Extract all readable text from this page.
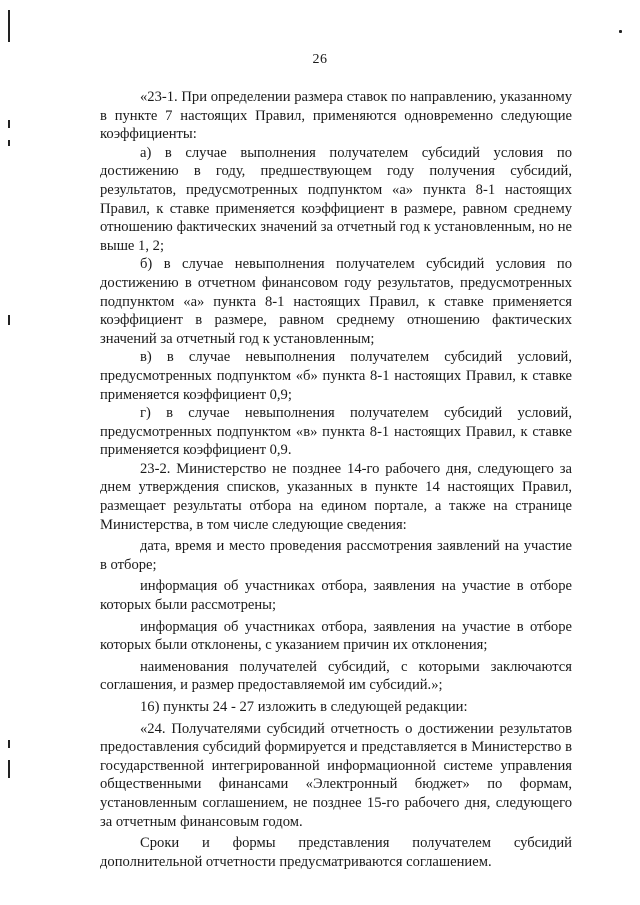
26

«23-1. При определении размера ставок по направлению, указанному в пункте 7 настоящих Правил, применяются одновременно следующие коэффициенты:

а) в случае выполнения получателем субсидий условия по достижению в году, предшествующем году получения субсидий, результатов, предусмотренных подпунктом «а» пункта 8-1 настоящих Правил, к ставке применяется коэффициент в размере, равном среднему отношению фактических значений за отчетный год к установленным, но не выше 1, 2;

б) в случае невыполнения получателем субсидий условия по достижению в отчетном финансовом году результатов, предусмотренных подпунктом «а» пункта 8-1 настоящих Правил, к ставке применяется коэффициент в размере, равном среднему отношению фактических значений за отчетный год к установленным;

в) в случае невыполнения получателем субсидий условий, предусмотренных подпунктом «б» пункта 8-1 настоящих Правил, к ставке применяется коэффициент 0,9;

г) в случае невыполнения получателем субсидий условий, предусмотренных подпунктом «в» пункта 8-1 настоящих Правил, к ставке применяется коэффициент 0,9.

23-2. Министерство не позднее 14-го рабочего дня, следующего за днем утверждения списков, указанных в пункте 14 настоящих Правил, размещает результаты отбора на едином портале, а также на странице Министерства, в том числе следующие сведения:

дата, время и место проведения рассмотрения заявлений на участие в отборе;

информация об участниках отбора, заявления на участие в отборе которых были рассмотрены;

информация об участниках отбора, заявления на участие в отборе которых были отклонены, с указанием причин их отклонения;

наименования получателей субсидий, с которыми заключаются соглашения, и размер предоставляемой им субсидий.»;

16) пункты 24 - 27 изложить в следующей редакции:

«24. Получателями субсидий отчетность о достижении результатов предоставления субсидий формируется и представляется в Министерство в государственной интегрированной информационной системе управления общественными финансами «Электронный бюджет» по формам, установленным соглашением, не позднее 15-го рабочего дня, следующего за отчетным финансовым годом.

Сроки и формы представления получателем субсидий дополнительной отчетности предусматриваются соглашением.
